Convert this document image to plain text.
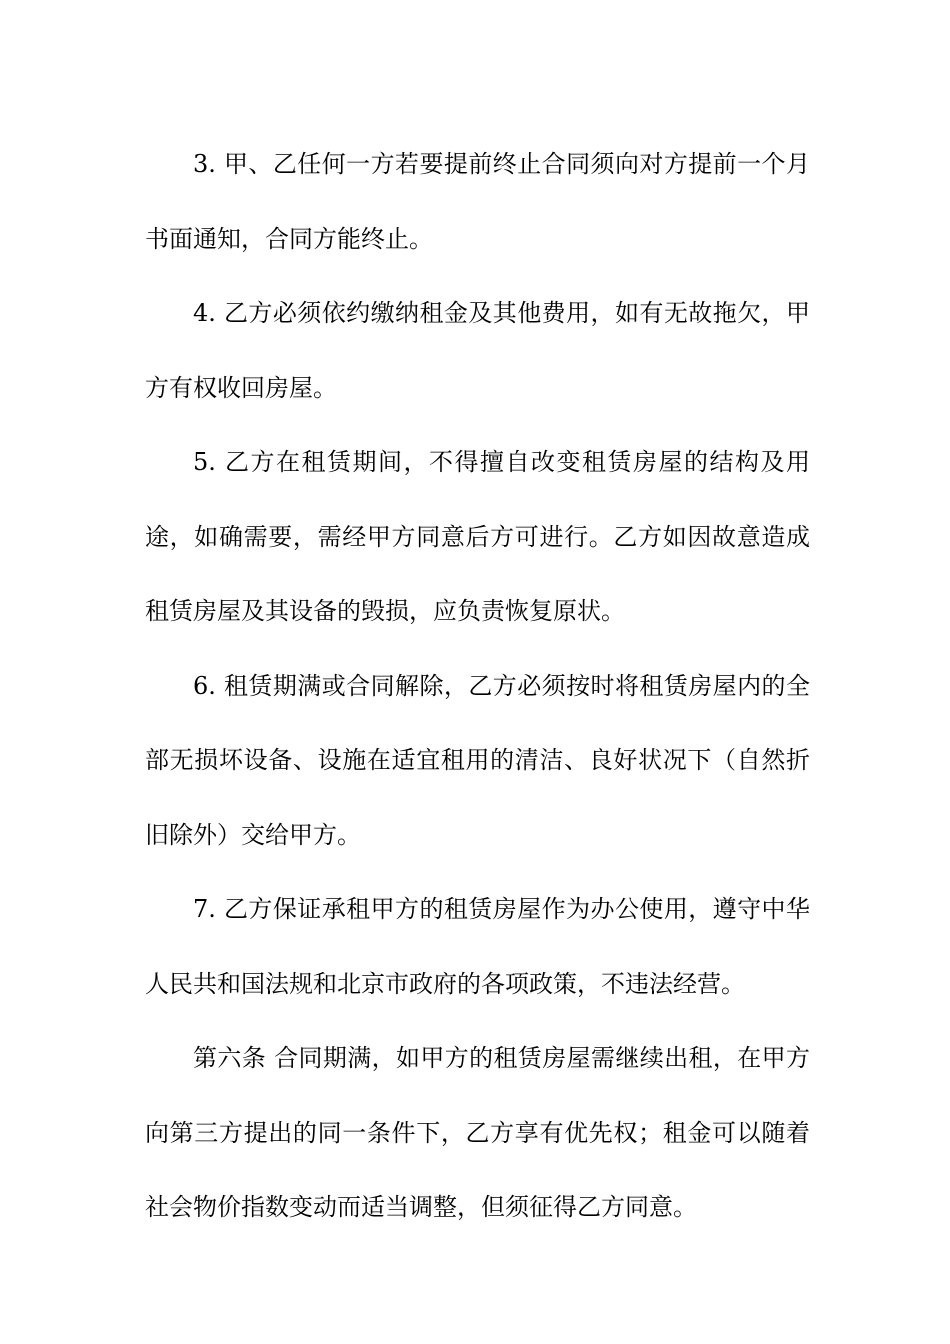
3. 甲、乙任何一方若要提前终止合同须向对方提前一个月书面通知，合同方能终止。

4. 乙方必须依约缴纳租金及其他费用，如有无故拖欠，甲方有权收回房屋。

5. 乙方在租赁期间，不得擅自改变租赁房屋的结构及用途，如确需要，需经甲方同意后方可进行。乙方如因故意造成租赁房屋及其设备的毁损，应负责恢复原状。

6. 租赁期满或合同解除，乙方必须按时将租赁房屋内的全部无损坏设备、设施在适宜租用的清洁、良好状况下（自然折旧除外）交给甲方。

7. 乙方保证承租甲方的租赁房屋作为办公使用，遵守中华人民共和国法规和北京市政府的各项政策，不违法经营。

第六条 合同期满，如甲方的租赁房屋需继续出租，在甲方向第三方提出的同一条件下，乙方享有优先权；租金可以随着社会物价指数变动而适当调整，但须征得乙方同意。
